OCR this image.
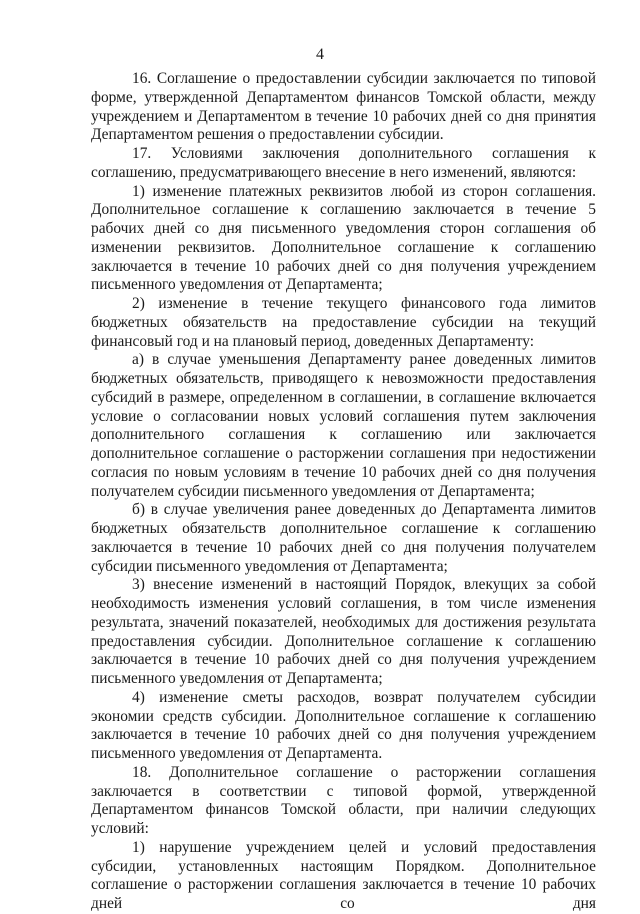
4

16. Соглашение о предоставлении субсидии заключается по типовой форме, утвержденной Департаментом финансов Томской области, между учреждением и Департаментом в течение 10 рабочих дней со дня принятия Департаментом решения о предоставлении субсидии.

17. Условиями заключения дополнительного соглашения к соглашению, предусматривающего внесение в него изменений, являются:

1) изменение платежных реквизитов любой из сторон соглашения. Дополнительное соглашение к соглашению заключается в течение 5 рабочих дней со дня письменного уведомления сторон соглашения об изменении реквизитов. Дополнительное соглашение к соглашению заключается в течение 10 рабочих дней со дня получения учреждением письменного уведомления от Департамента;

2) изменение в течение текущего финансового года лимитов бюджетных обязательств на предоставление субсидии на текущий финансовый год и на плановый период, доведенных Департаменту:

а) в случае уменьшения Департаменту ранее доведенных лимитов бюджетных обязательств, приводящего к невозможности предоставления субсидий в размере, определенном в соглашении, в соглашение включается условие о согласовании новых условий соглашения путем заключения дополнительного соглашения к соглашению или заключается дополнительное соглашение о расторжении соглашения при недостижении согласия по новым условиям в течение 10 рабочих дней со дня получения получателем субсидии письменного уведомления от Департамента;

б) в случае увеличения ранее доведенных до Департамента лимитов бюджетных обязательств дополнительное соглашение к соглашению заключается в течение 10 рабочих дней со дня получения получателем субсидии письменного уведомления от Департамента;

3) внесение изменений в настоящий Порядок, влекущих за собой необходимость изменения условий соглашения, в том числе изменения результата, значений показателей, необходимых для достижения результата предоставления субсидии. Дополнительное соглашение к соглашению заключается в течение 10 рабочих дней со дня получения учреждением письменного уведомления от Департамента;

4) изменение сметы расходов, возврат получателем субсидии экономии средств субсидии. Дополнительное соглашение к соглашению заключается в течение 10 рабочих дней со дня получения учреждением письменного уведомления от Департамента.

18. Дополнительное соглашение о расторжении соглашения заключается в соответствии с типовой формой, утвержденной Департаментом финансов Томской области, при наличии следующих условий:

1) нарушение учреждением целей и условий предоставления субсидии, установленных настоящим Порядком. Дополнительное соглашение о расторжении соглашения заключается в течение 10 рабочих дней со дня
